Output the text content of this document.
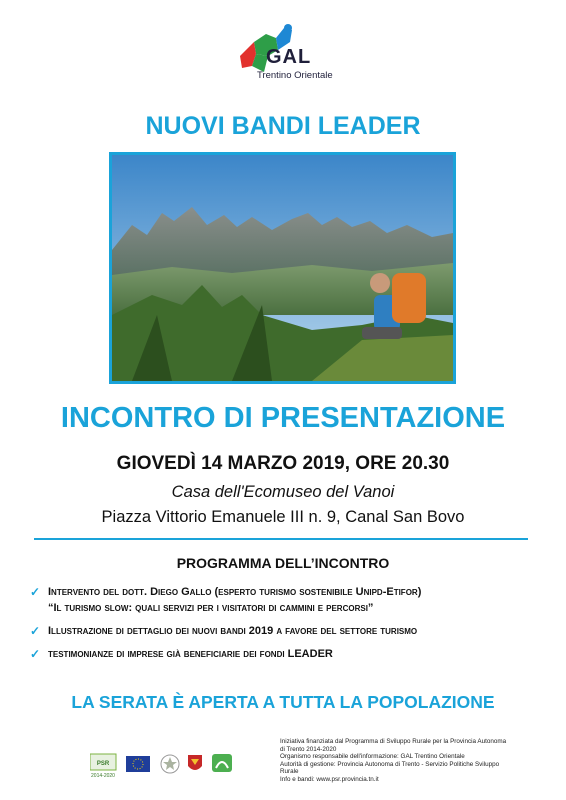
GAL
Trentino Orientale
NUOVI BANDI LEADER
INCONTRO DI PRESENTAZIONE
GIOVEDÌ 14 MARZO 2019, ORE 20.30
Casa dell'Ecomuseo del Vanoi
Piazza Vittorio Emanuele III n. 9, Canal San Bovo
PROGRAMMA DELL’INCONTRO
✓ Intervento del dott. Diego Gallo (esperto turismo sostenibile Unipd-Etifor)
“Il turismo slow: quali servizi per i visitatori di cammini e percorsi”
✓ Illustrazione di dettaglio dei nuovi bandi 2019 a favore del settore turismo
✓ testimonianze di imprese già beneficiarie dei fondi LEADER
LA SERATA È APERTA A TUTTA LA POPOLAZIONE
PSR
2014-2020
Iniziativa finanziata dal Programma di Sviluppo Rurale per la Provincia Autonoma
di Trento 2014-2020
Organismo responsabile dell'informazione: GAL Trentino Orientale
Autorità di gestione: Provincia Autonoma di Trento - Servizio Politiche Sviluppo
Rurale
Info e bandi: www.psr.provincia.tn.it
